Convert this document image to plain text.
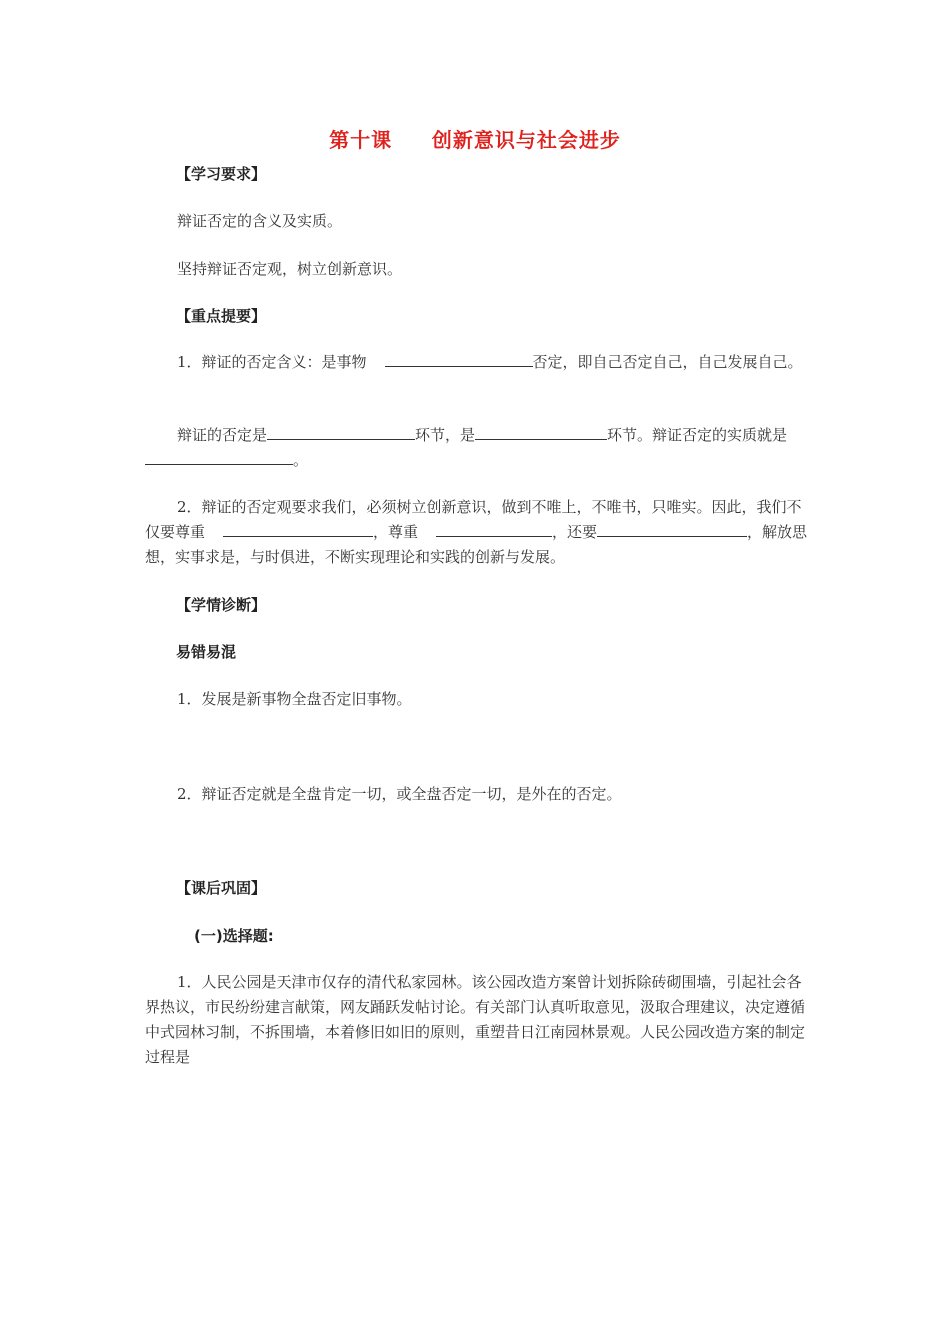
第十课     创新意识与社会进步
【学习要求】
辩证否定的含义及实质。
坚持辩证否定观，树立创新意识。
【重点提要】
1．辩证的否定含义：是事物	否定，即自己否定自己，自己发展自己。
辩证的否定是	环节，是	环节。辩证否定的实质就是。
2．辩证的否定观要求我们，必须树立创新意识，做到不唯上，不唯书，只唯实。因此，我们不仅要尊重	，尊重	，还要	，解放思想，实事求是，与时俱进，不断实现理论和实践的创新与发展。
【学情诊断】
易错易混
1．发展是新事物全盘否定旧事物。
2．辩证否定就是全盘肯定一切，或全盘否定一切，是外在的否定。
【课后巩固】
(一)选择题:
1．人民公园是天津市仅存的清代私家园林。该公园改造方案曾计划拆除砖砌围墙，引起社会各界热议，市民纷纷建言献策，网友踊跃发帖讨论。有关部门认真听取意见，汲取合理建议，决定遵循中式园林习制，不拆围墙，本着修旧如旧的原则，重塑昔日江南园林景观。人民公园改造方案的制定过程是
